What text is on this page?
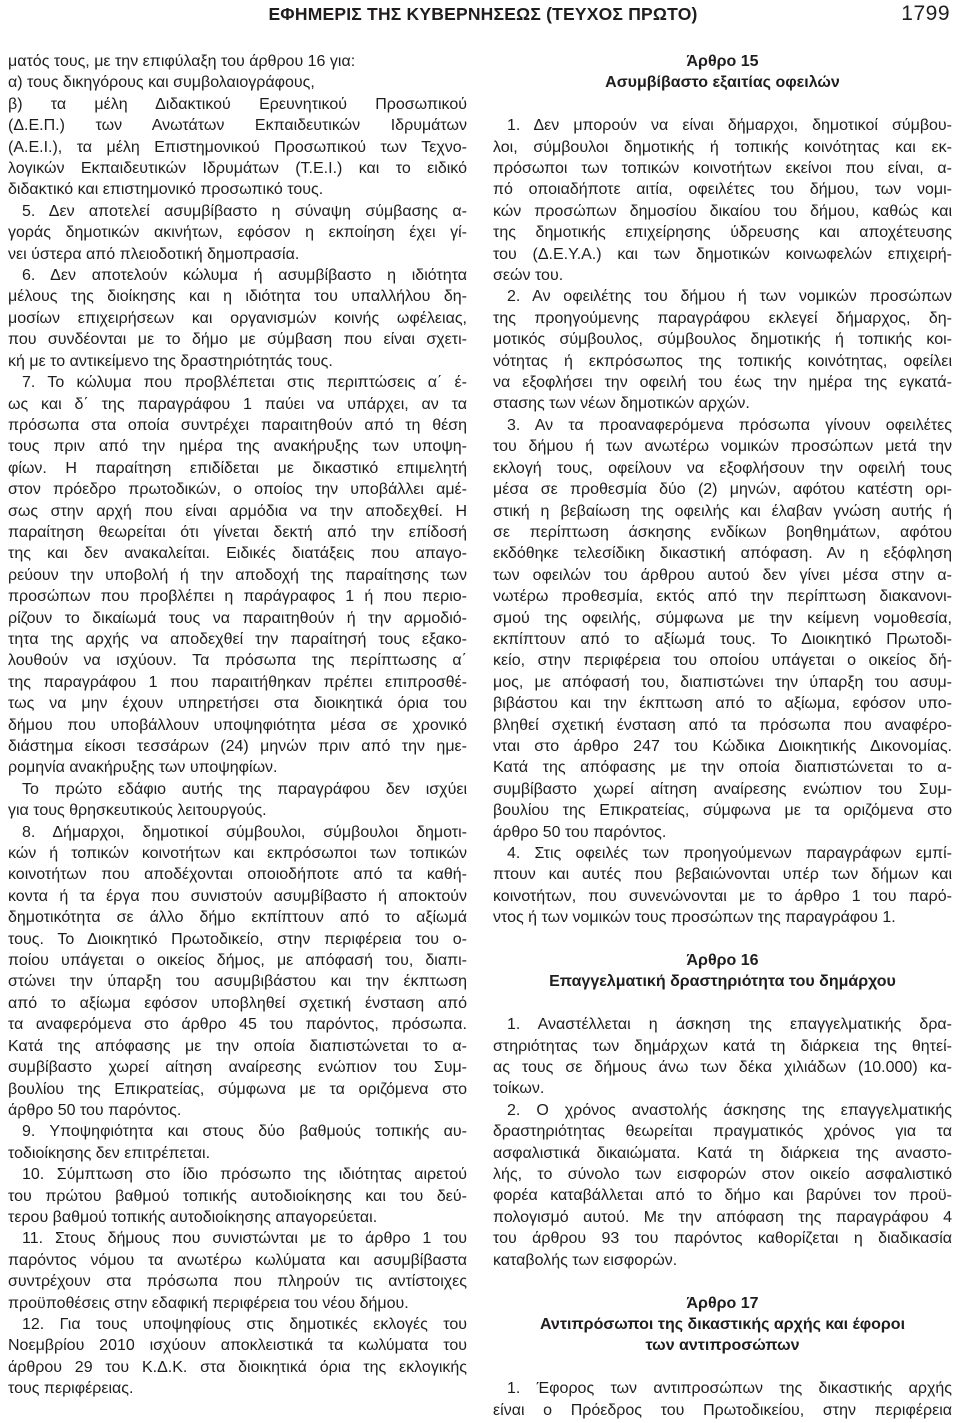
ΕΦΗΜΕΡΙΣ ΤΗΣ ΚΥΒΕΡΝΗΣΕΩΣ (ΤΕΥΧΟΣ ΠΡΩΤΟ)	1799
ματός τους, με την επιφύλαξη του άρθρου 16 για:
α) τους δικηγόρους και συμβολαιογράφους,
β) τα μέλη Διδακτικού Ερευνητικού Προσωπικού
(Δ.Ε.Π.) των Ανωτάτων Εκπαιδευτικών Ιδρυμάτων
(Α.Ε.Ι.), τα μέλη Επιστημονικού Προσωπικού των Τεχνο-
λογικών Εκπαιδευτικών Ιδρυμάτων (Τ.Ε.Ι.) και το ειδικό
διδακτικό και επιστημονικό προσωπικό τους.
5. Δεν αποτελεί ασυμβίβαστο η σύναψη σύμβασης α-
γοράς δημοτικών ακινήτων, εφόσον η εκποίηση έχει γί-
νει ύστερα από πλειοδοτική δημοπρασία.
6. Δεν αποτελούν κώλυμα ή ασυμβίβαστο η ιδιότητα
μέλους της διοίκησης και η ιδιότητα του υπαλλήλου δη-
μοσίων επιχειρήσεων και οργανισμών κοινής ωφέλειας,
που συνδέονται με το δήμο με σύμβαση που είναι σχετι-
κή με το αντικείμενο της δραστηριότητάς τους.
7. Το κώλυμα που προβλέπεται στις περιπτώσεις α΄ έ-
ως και δ΄ της παραγράφου 1 παύει να υπάρχει, αν τα
πρόσωπα στα οποία συντρέχει παραιτηθούν από τη θέση
τους πριν από την ημέρα της ανακήρυξης των υποψη-
φίων. Η παραίτηση επιδίδεται με δικαστικό επιμελητή
στον πρόεδρο πρωτοδικών, ο οποίος την υποβάλλει αμέ-
σως στην αρχή που είναι αρμόδια να την αποδεχθεί. Η
παραίτηση θεωρείται ότι γίνεται δεκτή από την επίδοσή
της και δεν ανακαλείται. Ειδικές διατάξεις που απαγο-
ρεύουν την υποβολή ή την αποδοχή της παραίτησης των
προσώπων που προβλέπει η παράγραφος 1 ή που περιο-
ρίζουν το δικαίωμά τους να παραιτηθούν ή την αρμοδιό-
τητα της αρχής να αποδεχθεί την παραίτησή τους εξακο-
λουθούν να ισχύουν. Τα πρόσωπα της περίπτωσης α΄
της παραγράφου 1 που παραιτήθηκαν πρέπει επιπροσθέ-
τως να μην έχουν υπηρετήσει στα διοικητικά όρια του
δήμου που υποβάλλουν υποψηφιότητα μέσα σε χρονικό
διάστημα είκοσι τεσσάρων (24) μηνών πριν από την ημε-
ρομηνία ανακήρυξης των υποψηφίων.
Το πρώτο εδάφιο αυτής της παραγράφου δεν ισχύει
για τους θρησκευτικούς λειτουργούς.
8. Δήμαρχοι, δημοτικοί σύμβουλοι, σύμβουλοι δημοτι-
κών ή τοπικών κοινοτήτων και εκπρόσωποι των τοπικών
κοινοτήτων που αποδέχονται οποιοδήποτε από τα καθή-
κοντα ή τα έργα που συνιστούν ασυμβίβαστο ή αποκτούν
δημοτικότητα σε άλλο δήμο εκπίπτουν από το αξίωμά
τους. Το Διοικητικό Πρωτοδικείο, στην περιφέρεια του ο-
ποίου υπάγεται ο οικείος δήμος, με απόφασή του, διαπι-
στώνει την ύπαρξη του ασυμβιβάστου και την έκπτωση
από το αξίωμα εφόσον υποβληθεί σχετική ένσταση από
τα αναφερόμενα στο άρθρο 45 του παρόντος, πρόσωπα.
Κατά της απόφασης με την οποία διαπιστώνεται το α-
συμβίβαστο χωρεί αίτηση αναίρεσης ενώπιον του Συμ-
βουλίου της Επικρατείας, σύμφωνα με τα οριζόμενα στο
άρθρο 50 του παρόντος.
9. Υποψηφιότητα και στους δύο βαθμούς τοπικής αυ-
τοδιοίκησης δεν επιτρέπεται.
10. Σύμπτωση στο ίδιο πρόσωπο της ιδιότητας αιρετού
του πρώτου βαθμού τοπικής αυτοδιοίκησης και του δεύ-
τερου βαθμού τοπικής αυτοδιοίκησης απαγορεύεται.
11. Στους δήμους που συνιστώνται με το άρθρο 1 του
παρόντος νόμου τα ανωτέρω κωλύματα και ασυμβίβαστα
συντρέχουν στα πρόσωπα που πληρούν τις αντίστοιχες
προϋποθέσεις στην εδαφική περιφέρεια του νέου δήμου.
12. Για τους υποψηφίους στις δημοτικές εκλογές του
Νοεμβρίου 2010 ισχύουν αποκλειστικά τα κωλύματα του
άρθρου 29 του Κ.Δ.Κ. στα διοικητικά όρια της εκλογικής
τους περιφέρειας.
Άρθρο 15
Ασυμβίβαστο εξαιτίας οφειλών
1. Δεν μπορούν να είναι δήμαρχοι, δημοτικοί σύμβου-
λοι, σύμβουλοι δημοτικής ή τοπικής κοινότητας και εκ-
πρόσωποι των τοπικών κοινοτήτων εκείνοι που είναι, α-
πό οποιαδήποτε αιτία, οφειλέτες του δήμου, των νομι-
κών προσώπων δημοσίου δικαίου του δήμου, καθώς και
της δημοτικής επιχείρησης ύδρευσης και αποχέτευσης
του (Δ.Ε.Υ.Α.) και των δημοτικών κοινωφελών επιχειρή-
σεών του.
2. Αν οφειλέτης του δήμου ή των νομικών προσώπων
της προηγούμενης παραγράφου εκλεγεί δήμαρχος, δη-
μοτικός σύμβουλος, σύμβουλος δημοτικής ή τοπικής κοι-
νότητας ή εκπρόσωπος της τοπικής κοινότητας, οφείλει
να εξοφλήσει την οφειλή του έως την ημέρα της εγκατά-
στασης των νέων δημοτικών αρχών.
3. Αν τα προαναφερόμενα πρόσωπα γίνουν οφειλέτες
του δήμου ή των ανωτέρω νομικών προσώπων μετά την
εκλογή τους, οφείλουν να εξοφλήσουν την οφειλή τους
μέσα σε προθεσμία δύο (2) μηνών, αφότου κατέστη ορι-
στική η βεβαίωση της οφειλής και έλαβαν γνώση αυτής ή
σε περίπτωση άσκησης ενδίκων βοηθημάτων, αφότου
εκδόθηκε τελεσίδικη δικαστική απόφαση. Αν η εξόφληση
των οφειλών του άρθρου αυτού δεν γίνει μέσα στην α-
νωτέρω προθεσμία, εκτός από την περίπτωση διακανονι-
σμού της οφειλής, σύμφωνα με την κείμενη νομοθεσία,
εκπίπτουν από το αξίωμά τους. Το Διοικητικό Πρωτοδι-
κείο, στην περιφέρεια του οποίου υπάγεται ο οικείος δή-
μος, με απόφασή του, διαπιστώνει την ύπαρξη του ασυμ-
βιβάστου και την έκπτωση από το αξίωμα, εφόσον υπο-
βληθεί σχετική ένσταση από τα πρόσωπα που αναφέρο-
νται στο άρθρο 247 του Κώδικα Διοικητικής Δικονομίας.
Κατά της απόφασης με την οποία διαπιστώνεται το α-
συμβίβαστο χωρεί αίτηση αναίρεσης ενώπιον του Συμ-
βουλίου της Επικρατείας, σύμφωνα με τα οριζόμενα στο
άρθρο 50 του παρόντος.
4. Στις οφειλές των προηγούμενων παραγράφων εμπί-
πτουν και αυτές που βεβαιώνονται υπέρ των δήμων και
κοινοτήτων, που συνενώνονται με το άρθρο 1 του παρό-
ντος ή των νομικών τους προσώπων της παραγράφου 1.
Άρθρο 16
Επαγγελματική δραστηριότητα του δημάρχου
1. Αναστέλλεται η άσκηση της επαγγελματικής δρα-
στηριότητας των δημάρχων κατά τη διάρκεια της θητεί-
ας τους σε δήμους άνω των δέκα χιλιάδων (10.000) κα-
τοίκων.
2. Ο χρόνος αναστολής άσκησης της επαγγελματικής
δραστηριότητας θεωρείται πραγματικός χρόνος για τα
ασφαλιστικά δικαιώματα. Κατά τη διάρκεια της αναστο-
λής, το σύνολο των εισφορών στον οικείο ασφαλιστικό
φορέα καταβάλλεται από το δήμο και βαρύνει τον προϋ-
πολογισμό αυτού. Με την απόφαση της παραγράφου 4
του άρθρου 93 του παρόντος καθορίζεται η διαδικασία
καταβολής των εισφορών.
Άρθρο 17
Αντιπρόσωποι της δικαστικής αρχής και έφοροι
των αντιπροσώπων
1. Έφορος των αντιπροσώπων της δικαστικής αρχής
είναι ο Πρόεδρος του Πρωτοδικείου, στην περιφέρεια
